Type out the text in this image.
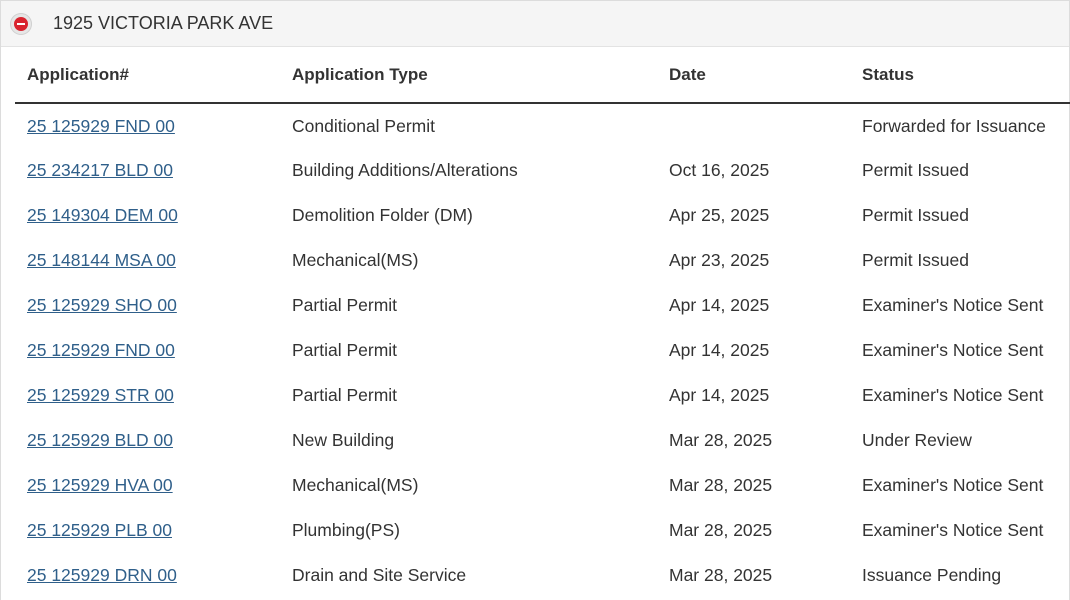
1925 VICTORIA PARK AVE
Application#	Application Type	Date	Status
25 125929 FND 00	Conditional Permit		Forwarded for Issuance
25 234217 BLD 00	Building Additions/Alterations	Oct 16, 2025	Permit Issued
25 149304 DEM 00	Demolition Folder (DM)	Apr 25, 2025	Permit Issued
25 148144 MSA 00	Mechanical(MS)	Apr 23, 2025	Permit Issued
25 125929 SHO 00	Partial Permit	Apr 14, 2025	Examiner's Notice Sent
25 125929 FND 00	Partial Permit	Apr 14, 2025	Examiner's Notice Sent
25 125929 STR 00	Partial Permit	Apr 14, 2025	Examiner's Notice Sent
25 125929 BLD 00	New Building	Mar 28, 2025	Under Review
25 125929 HVA 00	Mechanical(MS)	Mar 28, 2025	Examiner's Notice Sent
25 125929 PLB 00	Plumbing(PS)	Mar 28, 2025	Examiner's Notice Sent
25 125929 DRN 00	Drain and Site Service	Mar 28, 2025	Issuance Pending
